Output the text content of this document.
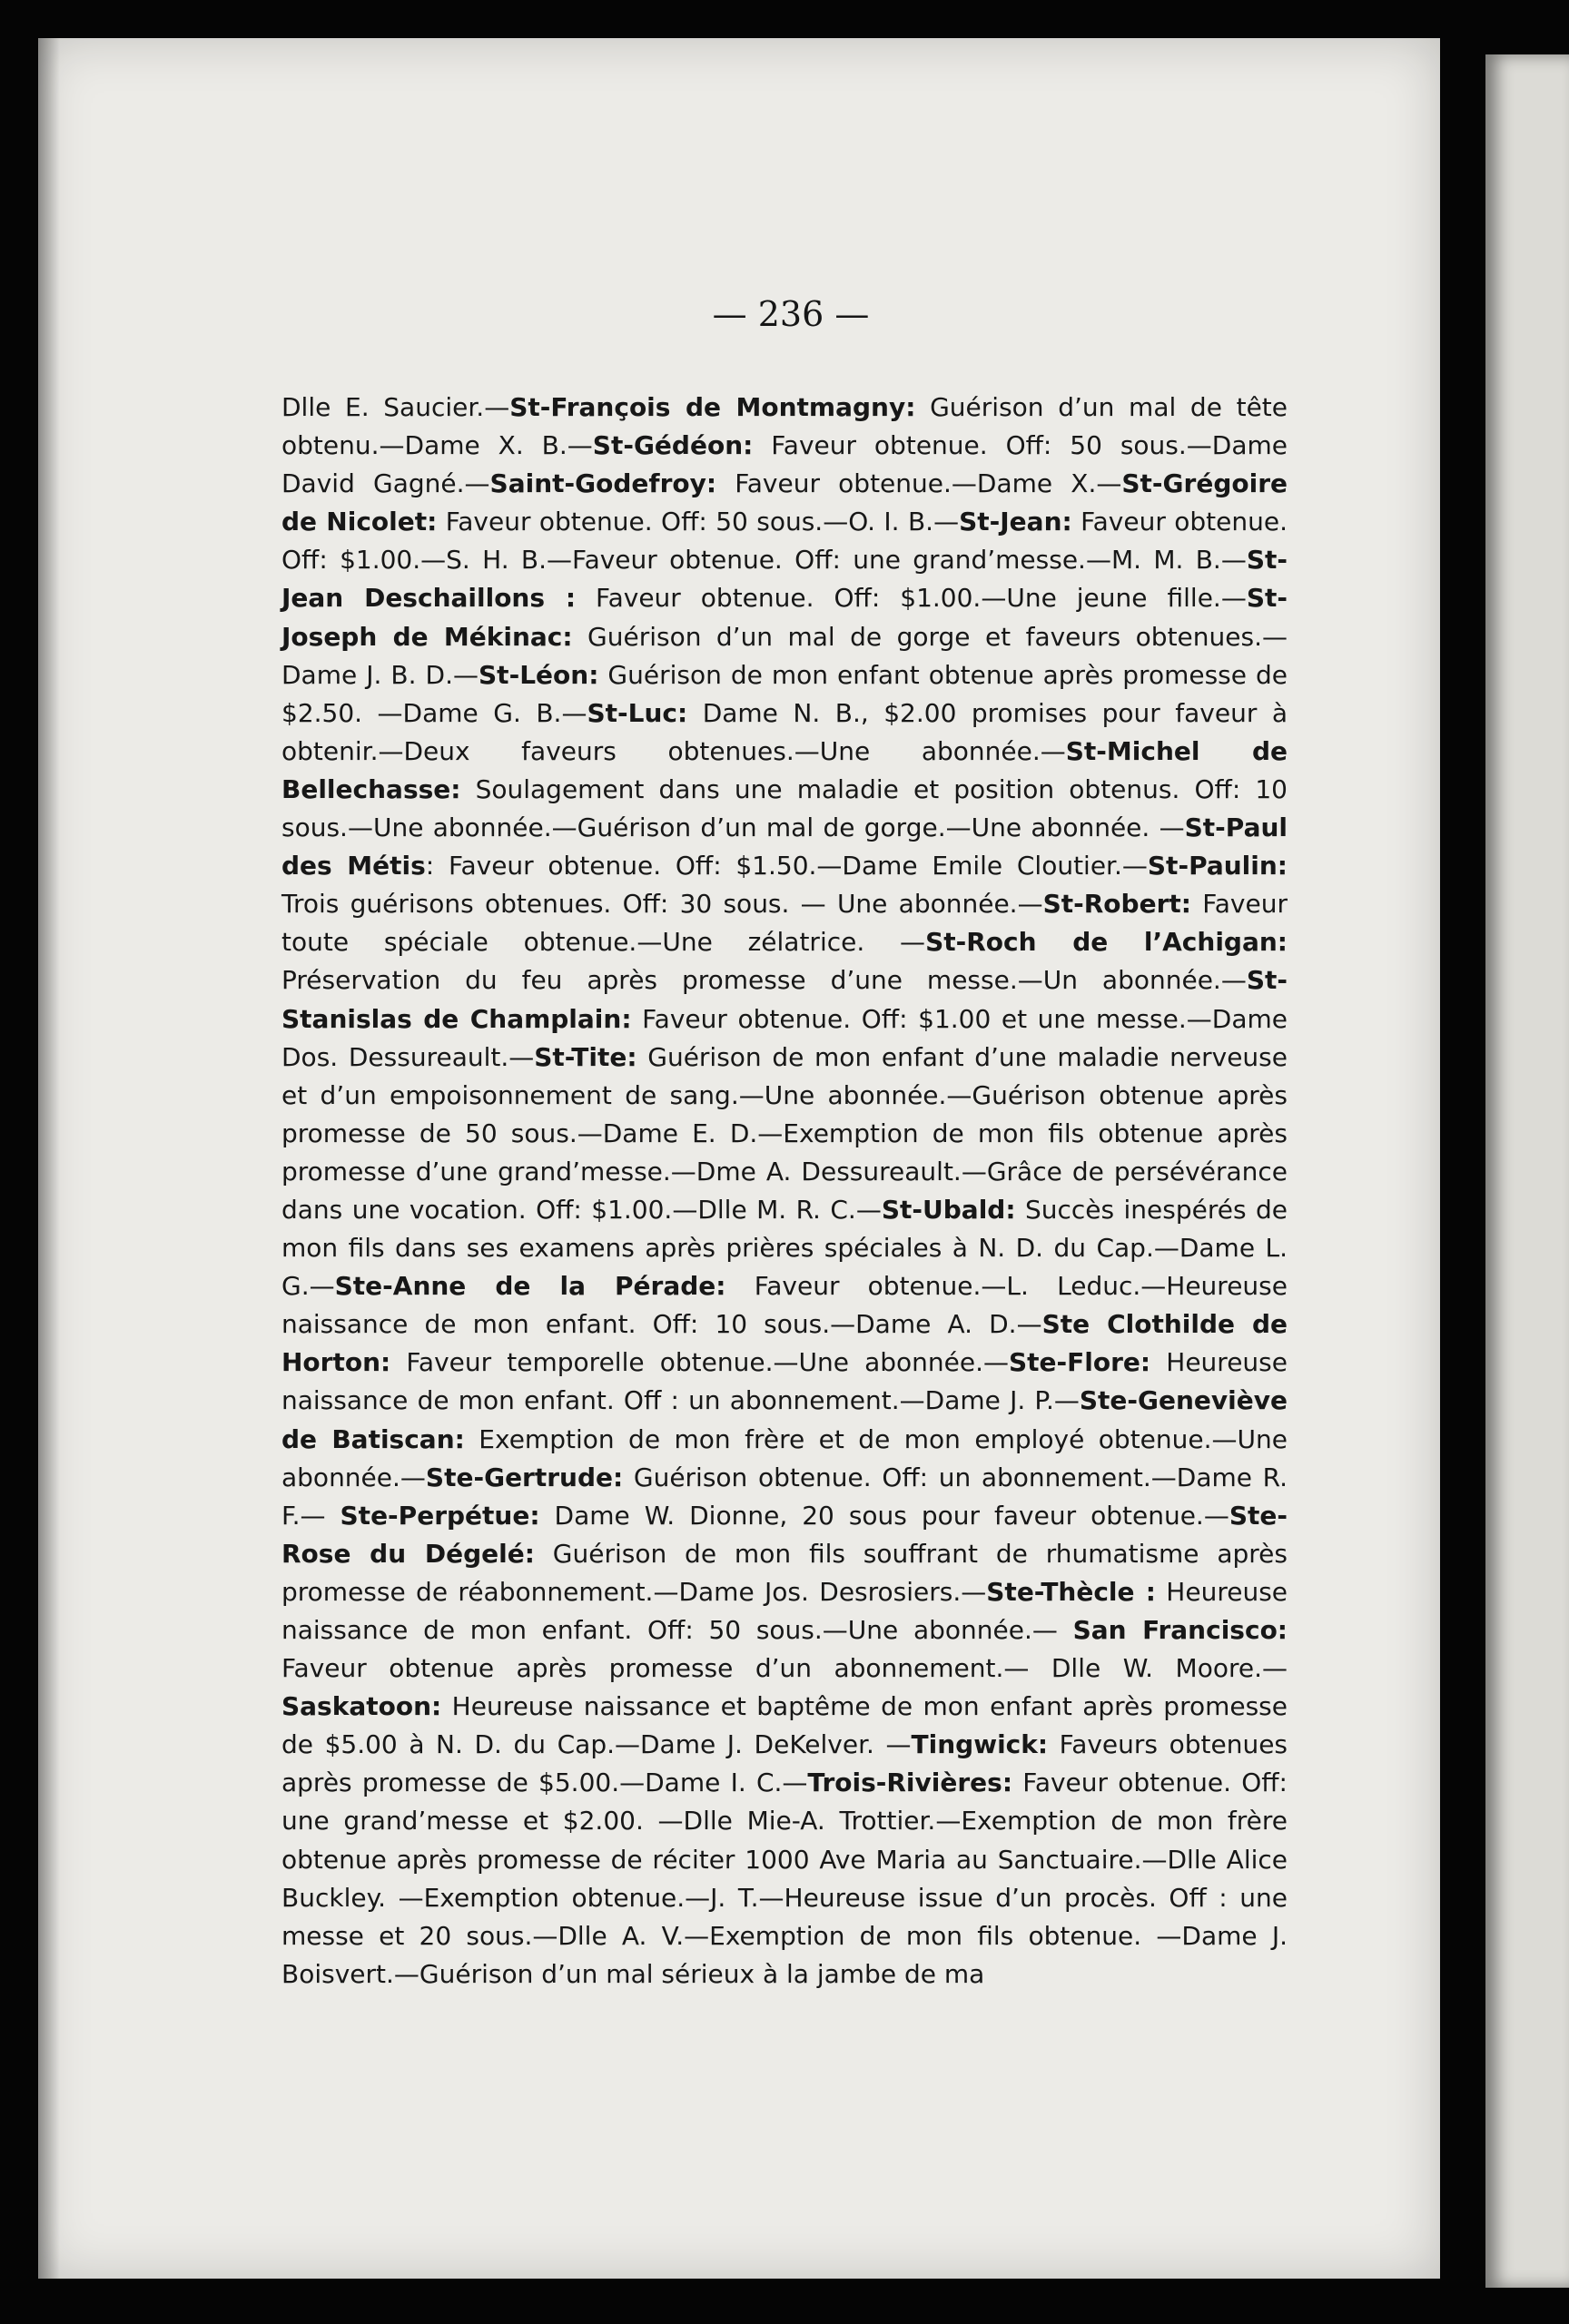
— 236 —
Dlle E. Saucier.—St-François de Montmagny: Guérison d’un mal de tête obtenu.—Dame X. B.—St-Gédéon: Faveur obtenue. Off: 50 sous.—Dame David Gagné.—Saint-Godefroy: Faveur obtenue.—Dame X.—St-Grégoire de Nicolet: Faveur obtenue. Off: 50 sous.—O. I. B.—St-Jean: Faveur obtenue. Off: $1.00.—S. H. B.—Faveur obtenue. Off: une grand’messe.—M. M. B.—St-Jean Deschaillons : Faveur obtenue. Off: $1.00.—Une jeune fille.—St-Joseph de Mékinac: Guérison d’un mal de gorge et faveurs obtenues.—Dame J. B. D.—St-Léon: Guérison de mon enfant obtenue après promesse de $2.50. —Dame G. B.—St-Luc: Dame N. B., $2.00 promises pour faveur à obtenir.—Deux faveurs obtenues.—Une abonnée.—St-Michel de Bellechasse: Soulagement dans une maladie et position obtenus. Off: 10 sous.—Une abonnée.—Guérison d’un mal de gorge.—Une abonnée. —St-Paul des Métis: Faveur obtenue. Off: $1.50.—Dame Emile Cloutier.—St-Paulin: Trois guérisons obtenues. Off: 30 sous. — Une abonnée.—St-Robert: Faveur toute spéciale obtenue.—Une zélatrice. —St-Roch de l’Achigan: Préservation du feu après promesse d’une messe.—Un abonnée.—St-Stanislas de Champlain: Faveur obtenue. Off: $1.00 et une messe.—Dame Dos. Dessureault.—St-Tite: Guérison de mon enfant d’une maladie nerveuse et d’un empoisonnement de sang.—Une abonnée.—Guérison obtenue après promesse de 50 sous.—Dame E. D.—Exemption de mon fils obtenue après promesse d’une grand’messe.—Dme A. Dessureault.—Grâce de persévérance dans une vocation. Off: $1.00.—Dlle M. R. C.—St-Ubald: Succès inespérés de mon fils dans ses examens après prières spéciales à N. D. du Cap.—Dame L. G.—Ste-Anne de la Pérade: Faveur obtenue.—L. Leduc.—Heureuse naissance de mon enfant. Off: 10 sous.—Dame A. D.—Ste Clothilde de Horton: Faveur temporelle obtenue.—Une abonnée.—Ste-Flore: Heureuse naissance de mon enfant. Off : un abonnement.—Dame J. P.—Ste-Geneviève de Batiscan: Exemption de mon frère et de mon employé obtenue.—Une abonnée.—Ste-Gertrude: Guérison obtenue. Off: un abonnement.—Dame R. F.— Ste-Perpétue: Dame W. Dionne, 20 sous pour faveur obtenue.—Ste-Rose du Dégelé: Guérison de mon fils souffrant de rhumatisme après promesse de réabonnement.—Dame Jos. Desrosiers.—Ste-Thècle : Heureuse naissance de mon enfant. Off: 50 sous.—Une abonnée.— San Francisco: Faveur obtenue après promesse d’un abonnement.— Dlle W. Moore.—Saskatoon: Heureuse naissance et baptême de mon enfant après promesse de $5.00 à N. D. du Cap.—Dame J. DeKelver. —Tingwick: Faveurs obtenues après promesse de $5.00.—Dame I. C.—Trois-Rivières: Faveur obtenue. Off: une grand’messe et $2.00. —Dlle Mie-A. Trottier.—Exemption de mon frère obtenue après promesse de réciter 1000 Ave Maria au Sanctuaire.—Dlle Alice Buckley. —Exemption obtenue.—J. T.—Heureuse issue d’un procès. Off : une messe et 20 sous.—Dlle A. V.—Exemption de mon fils obtenue. —Dame J. Boisvert.—Guérison d’un mal sérieux à la jambe de ma
